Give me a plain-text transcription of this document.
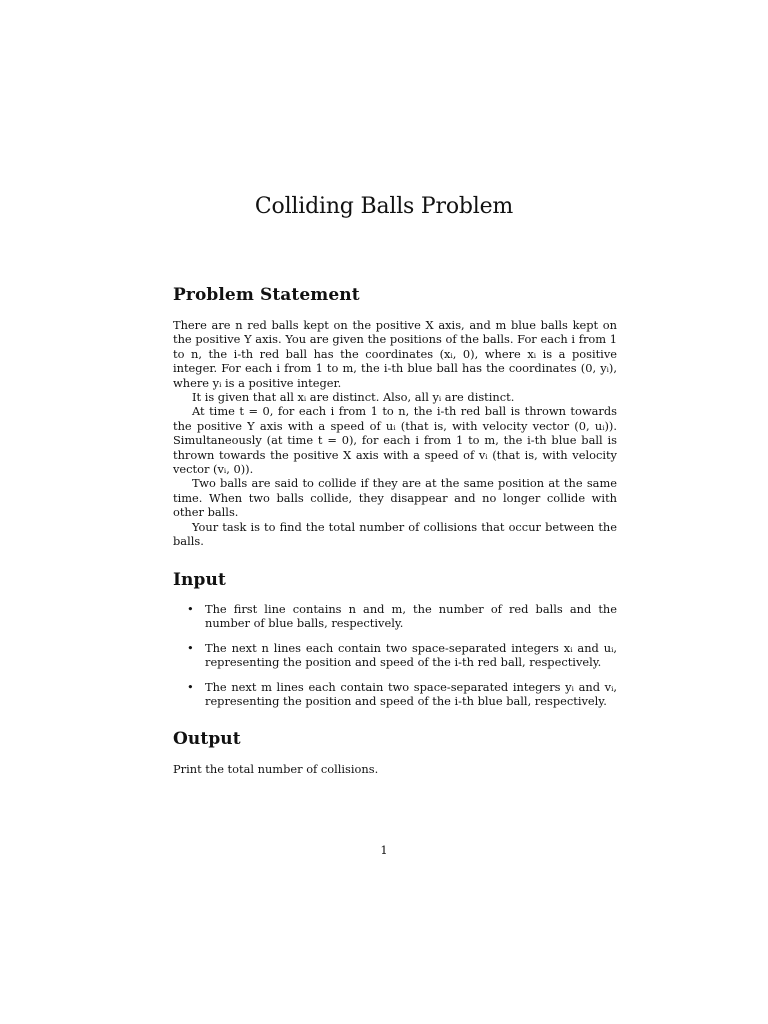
Colliding Balls Problem
Problem Statement

There are n red balls kept on the positive X axis, and m blue balls kept on the positive Y axis. You are given the positions of the balls. For each i from 1 to n, the i-th red ball has the coordinates (xᵢ, 0), where xᵢ is a positive integer. For each i from 1 to m, the i-th blue ball has the coordinates (0, yᵢ), where yᵢ is a positive integer.

It is given that all xᵢ are distinct. Also, all yᵢ are distinct.

At time t = 0, for each i from 1 to n, the i-th red ball is thrown towards the positive Y axis with a speed of uᵢ (that is, with velocity vector (0, uᵢ)). Simultaneously (at time t = 0), for each i from 1 to m, the i-th blue ball is thrown towards the positive X axis with a speed of vᵢ (that is, with velocity vector (vᵢ, 0)).

Two balls are said to collide if they are at the same position at the same time. When two balls collide, they disappear and no longer collide with other balls.

Your task is to find the total number of collisions that occur between the balls.

Input
• The first line contains n and m, the number of red balls and the number of blue balls, respectively.
• The next n lines each contain two space-separated integers xᵢ and uᵢ, representing the position and speed of the i-th red ball, respectively.
• The next m lines each contain two space-separated integers yᵢ and vᵢ, representing the position and speed of the i-th blue ball, respectively.
Output
Print the total number of collisions.
1
